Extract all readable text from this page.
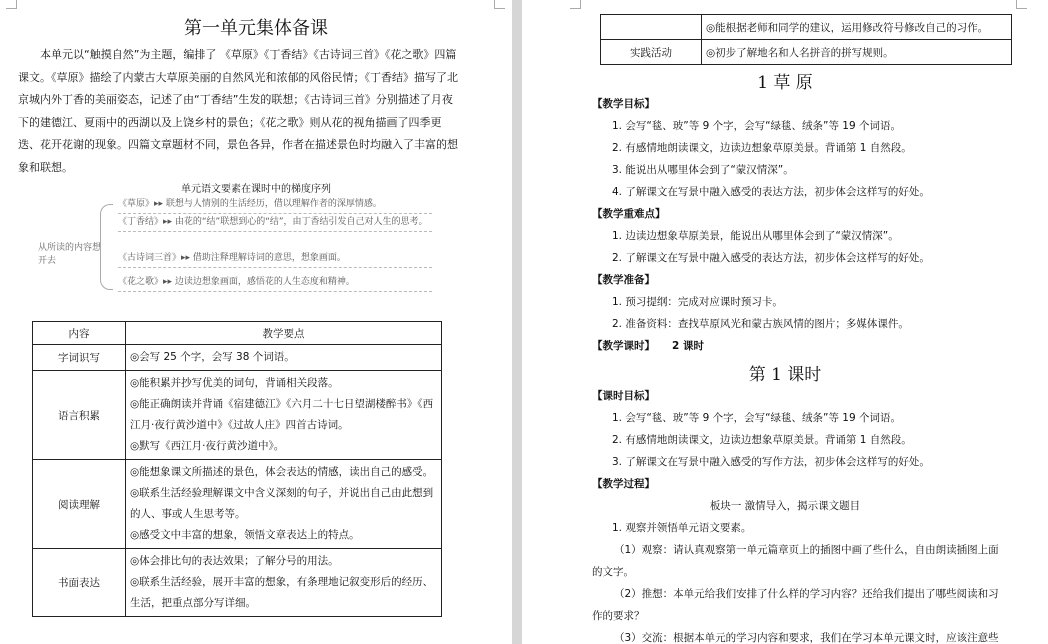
第一单元集体备课

本单元以“触摸自然”为主题，编排了 《草原》《丁香结》《古诗词三首》《花之歌》四篇课文。《草原》描绘了内蒙古大草原美丽的自然风光和浓郁的风俗民情；《丁香结》描写了北京城内外丁香的美丽姿态，记述了由“丁香结”生发的联想；《古诗词三首》分别描述了月夜下的建德江、夏雨中的西湖以及上饶乡村的景色；《花之歌》则从花的视角描画了四季更迭、花开花谢的现象。四篇文章题材不同，景色各异，作者在描述景色时均融入了丰富的想象和联想。

单元语文要素在课时中的梯度序列
从所读的内容想开去
《草原》▸▸ 联想与人情别的生活经历，借以理解作者的深厚情感。
《丁香结》▸▸ 由花的“结”联想到心的“结”，由丁香结引发自己对人生的思考。
《古诗词三首》▸▸ 借助注释理解诗词的意思，想象画面。
《花之歌》▸▸ 边读边想象画面，感悟花的人生态度和精神。
内容	教学要点
字词识写	◎会写 25 个字，会写 38 个词语。
语言积累	◎能积累并抄写优美的词句，背诵相关段落。
◎能正确朗读并背诵《宿建德江》《六月二十七日望湖楼醉书》《西江月·夜行黄沙道中》《过故人庄》四首古诗词。
◎默写《西江月·夜行黄沙道中》。

阅读理解	◎能想象课文所描述的景色，体会表达的情感，读出自己的感受。
◎联系生活经验理解课文中含义深刻的句子，并说出自己由此想到的人、事或人生思考等。
◎感受文中丰富的想象，领悟文章表达上的特点。

书面表达	◎体会排比句的表达效果；了解分号的用法。
◎联系生活经验，展开丰富的想象，有条理地记叙变形后的经历、生活，把重点部分写详细。
	◎能根据老师和同学的建议，运用修改符号修改自己的习作。
实践活动	◎初步了解地名和人名拼音的拼写规则。
1 草 原
【教学目标】
1. 会写“毯、玻”等 9 个字，会写“绿毯、绒条”等 19 个词语。
2. 有感情地朗读课文，边读边想象草原美景。背诵第 1 自然段。
3. 能说出从哪里体会到了“蒙汉情深”。
4. 了解课文在写景中融入感受的表达方法，初步体会这样写的好处。
【教学重难点】
1. 边读边想象草原美景，能说出从哪里体会到了“蒙汉情深”。
2. 了解课文在写景中融入感受的表达方法，初步体会这样写的好处。
【教学准备】
1. 预习提纲：完成对应课时预习卡。
2. 准备资料：查找草原风光和蒙古族风情的图片；多媒体课件。
【教学课时】 2 课时
第 1 课时
【课时目标】
1. 会写“毯、玻”等 9 个字，会写“绿毯、绒条”等 19 个词语。
2. 有感情地朗读课文，边读边想象草原美景。背诵第 1 自然段。
3. 了解课文在写景中融入感受的写作方法，初步体会这样写的好处。
【教学过程】
板块一 激情导入，揭示课文题目
1. 观察并领悟单元语文要素。
（1）观察：请认真观察第一单元篇章页上的插图中画了些什么，自由朗读插图上面
的文字。
（2）推想：本单元给我们安排了什么样的学习内容？还给我们提出了哪些阅读和习
作的要求？
（3）交流：根据本单元的学习内容和要求，我们在学习本单元课文时，应该注意些
